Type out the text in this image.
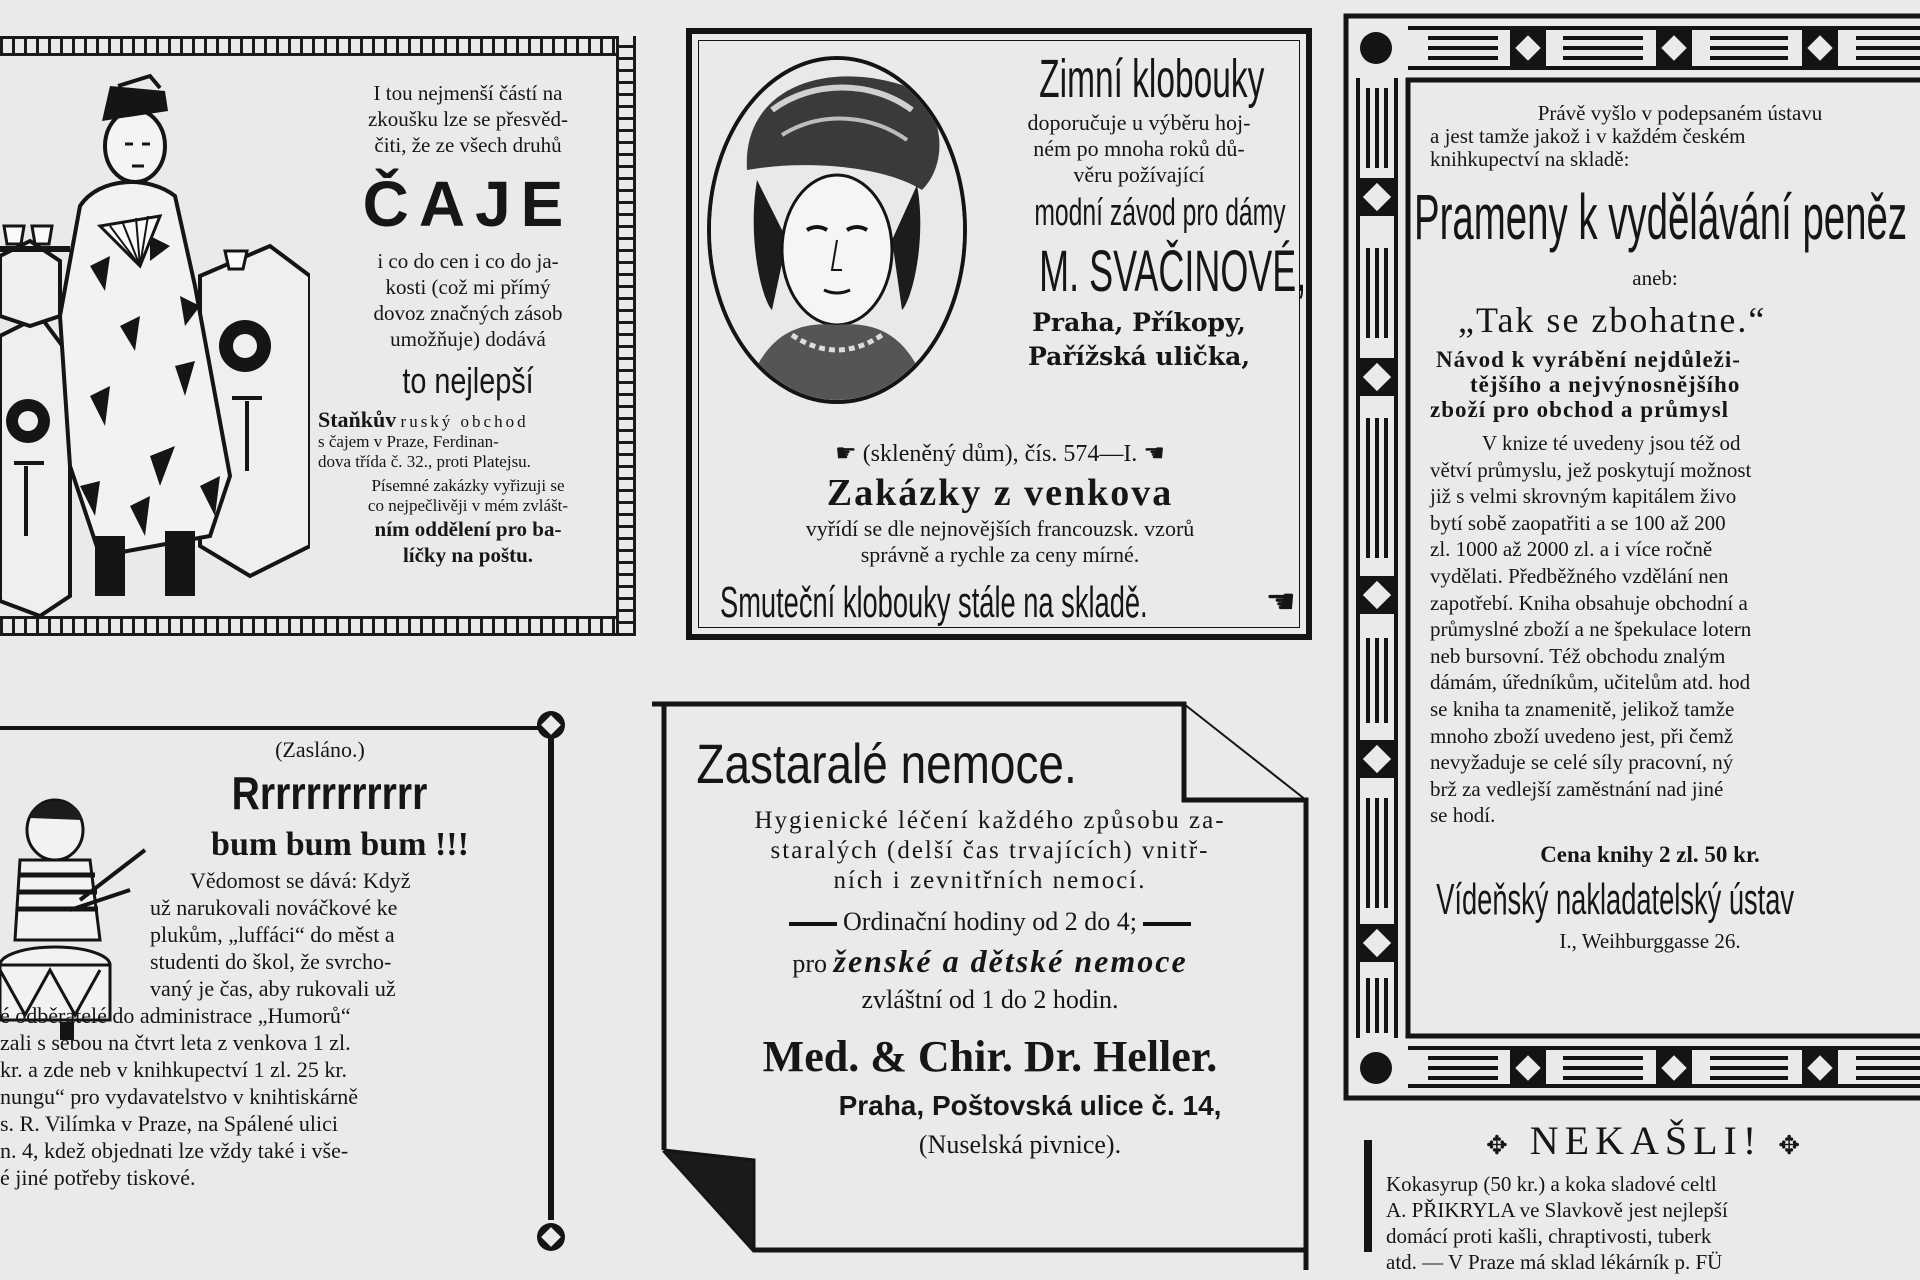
I tou nejmenší částí na
zkoušku lze se přesvěd-
čiti, že ze všech druhů
ČAJE
i co do cen i co do ja-
kosti (což mi přímý
dovoz značných zásob
umožňuje) dodává
to nejlepší
Staňkův ruský obchod
s čajem v Praze, Ferdinan-
dova třída č. 32., proti Platejsu.
Písemné zakázky vyřizuji se
co nejpečlivěji v mém zvlášt-
ním oddělení pro ba-
líčky na poštu.
Zimní klobouky
doporučuje u výběru hoj-
ném po mnoha roků dů-
věru požívající
modní závod pro dámy
M. SVAČINOVÉ,
Praha, Příkopy,
Pařížská ulička,
☛ (skleněný dům), čís. 574—I. ☚
Zakázky z venkova
vyřídí se dle nejnovějších francouzsk. vzorů
správně a rychle za ceny mírné.
Smuteční klobouky stále na skladě.	☚
(Zasláno.)
Rrrrrrrrrrrr
bum bum bum !!!
Vědomost se dává: Když
už narukovali nováčkové ke
plukům, „luffáci“ do měst a
studenti do škol, že svrcho-
vaný je čas, aby rukovali už
é odběratelé do administrace „Humorů“
zali s sebou na čtvrt leta z venkova 1 zl.
kr. a zde neb v knihkupectví 1 zl. 25 kr.
nungu“ pro vydavatelstvo v knihtiskárně
s. R. Vilímka v Praze, na Spálené ulici
n. 4, kdež objednati lze vždy také i vše-
é jiné potřeby tiskové.
Zastaralé nemoce.
Hygienické léčení každého způsobu za-
staralých (delší čas trvajících) vnitř-
ních i zevnitřních nemocí.
Ordinační hodiny od 2 do 4;
pro ženské a dětské nemoce
zvláštní od 1 do 2 hodin.
Med. & Chir. Dr. Heller.
Praha, Poštovská ulice č. 14,
(Nuselská pivnice).
Právě vyšlo v podepsaném ústavu
a jest tamže jakož i v každém českém
knihkupectví na skladě:
Prameny k vydělávání peněz
aneb:
„Tak se zbohatne.“
Návod k vyrábění nejdůleži-
tějšího a nejvýnosnějšího
zboží pro obchod a průmysl
V knize té uvedeny jsou též od
větví průmyslu, jež poskytují možnost
již s velmi skrovným kapitálem živo
bytí sobě zaopatřiti a se 100 až 200
zl. 1000 až 2000 zl. a i více ročně
vydělati. Předběžného vzdělání nen
zapotřebí. Kniha obsahuje obchodní a
průmyslné zboží a ne špekulace lotern
neb bursovní. Též obchodu znalým
dámám, úředníkům, učitelům atd. hod
se kniha ta znamenitě, jelikož tamže
mnoho zboží uvedeno jest, při čemž
nevyžaduje se celé síly pracovní, ný
brž za vedlejší zaměstnání nad jiné
se hodí.
Cena knihy 2 zl. 50 kr.
Vídeňský nakladatelský ústav
I., Weihburggasse 26.
✥ NEKAŠLI! ✥
Kokasyrup (50 kr.) a koka sladové celtl
A. PŘIKRYLA ve Slavkově jest nejlepší
domácí proti kašli, chraptivosti, tuberk
atd. — V Praze má sklad lékárník p. FÜ
